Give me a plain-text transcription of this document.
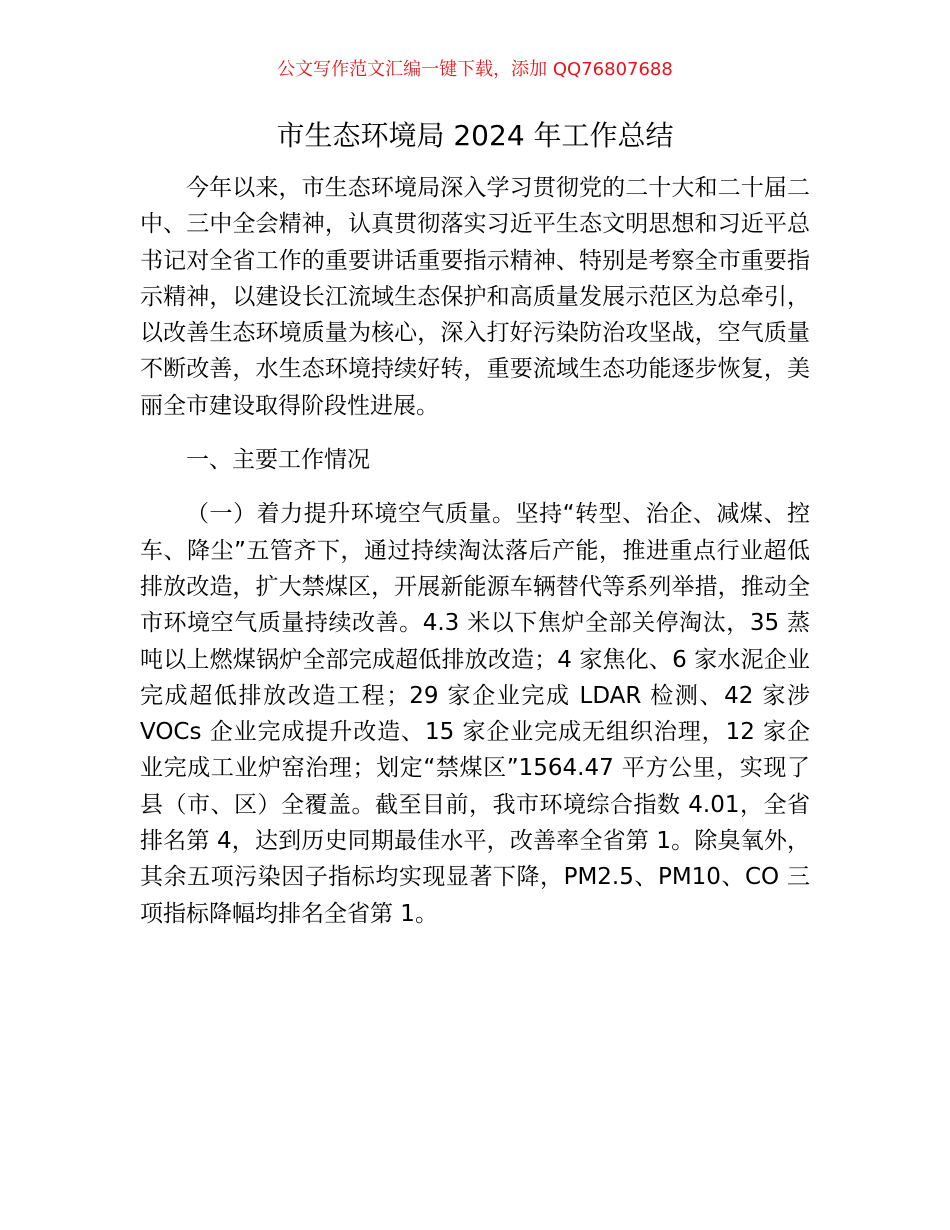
公文写作范文汇编一键下载，添加 QQ76807688
市生态环境局 2024 年工作总结

今年以来，市生态环境局深入学习贯彻党的二十大和二十届二中、三中全会精神，认真贯彻落实习近平生态文明思想和习近平总书记对全省工作的重要讲话重要指示精神、特别是考察全市重要指示精神，以建设长江流域生态保护和高质量发展示范区为总牵引，以改善生态环境质量为核心，深入打好污染防治攻坚战，空气质量不断改善，水生态环境持续好转，重要流域生态功能逐步恢复，美丽全市建设取得阶段性进展。

一、主要工作情况

（一）着力提升环境空气质量。坚持“转型、治企、减煤、控车、降尘”五管齐下，通过持续淘汰落后产能，推进重点行业超低排放改造，扩大禁煤区，开展新能源车辆替代等系列举措，推动全市环境空气质量持续改善。4.3 米以下焦炉全部关停淘汰，35 蒸吨以上燃煤锅炉全部完成超低排放改造；4 家焦化、6 家水泥企业完成超低排放改造工程；29 家企业完成 LDAR 检测、42 家涉 VOCs 企业完成提升改造、15 家企业完成无组织治理，12 家企业完成工业炉窑治理；划定“禁煤区”1564.47 平方公里，实现了县（市、区）全覆盖。截至目前，我市环境综合指数 4.01，全省排名第 4，达到历史同期最佳水平，改善率全省第 1。除臭氧外，其余五项污染因子指标均实现显著下降，PM2.5、PM10、CO 三项指标降幅均排名全省第 1。
